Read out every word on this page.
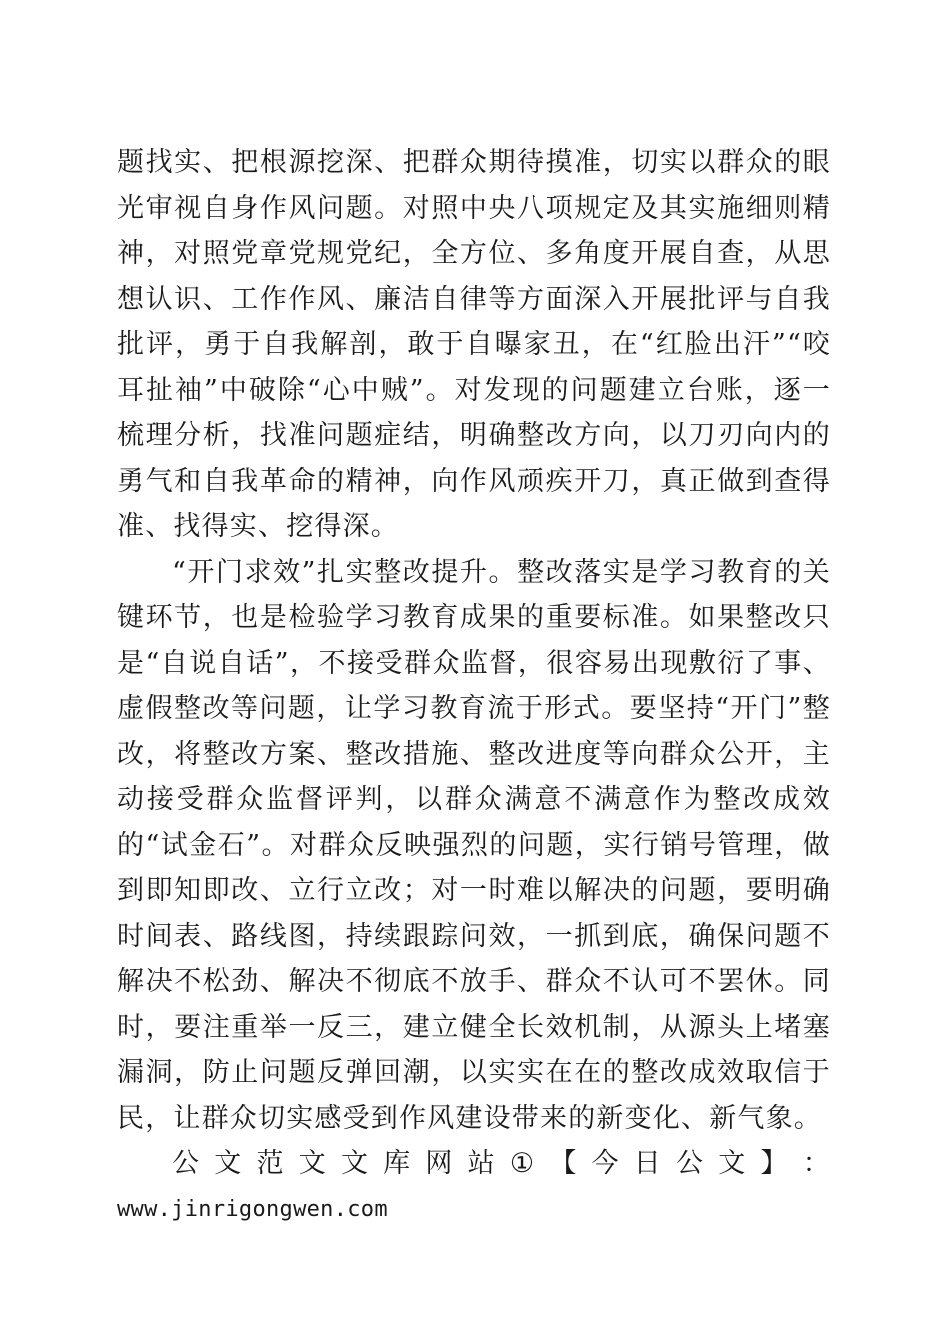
题找实、把根源挖深、把群众期待摸准，切实以群众的眼光审视自身作风问题。对照中央八项规定及其实施细则精神，对照党章党规党纪，全方位、多角度开展自查，从思想认识、工作作风、廉洁自律等方面深入开展批评与自我批评，勇于自我解剖，敢于自曝家丑，在“红脸出汗”“咬耳扯袖”中破除“心中贼”。对发现的问题建立台账，逐一梳理分析，找准问题症结，明确整改方向，以刀刃向内的勇气和自我革命的精神，向作风顽疾开刀，真正做到查得准、找得实、挖得深。

“开门求效”扎实整改提升。整改落实是学习教育的关键环节，也是检验学习教育成果的重要标准。如果整改只是“自说自话”，不接受群众监督，很容易出现敷衍了事、虚假整改等问题，让学习教育流于形式。要坚持“开门”整改，将整改方案、整改措施、整改进度等向群众公开，主动接受群众监督评判，以群众满意不满意作为整改成效的“试金石”。对群众反映强烈的问题，实行销号管理，做到即知即改、立行立改；对一时难以解决的问题，要明确时间表、路线图，持续跟踪问效，一抓到底，确保问题不解决不松劲、解决不彻底不放手、群众不认可不罢休。同时，要注重举一反三，建立健全长效机制，从源头上堵塞漏洞，防止问题反弹回潮，以实实在在的整改成效取信于民，让群众切实感受到作风建设带来的新变化、新气象。

公 文 范 文 文 库 网 站 ① 【 今 日 公 文 】 ：
www.jinrigongwen.com
